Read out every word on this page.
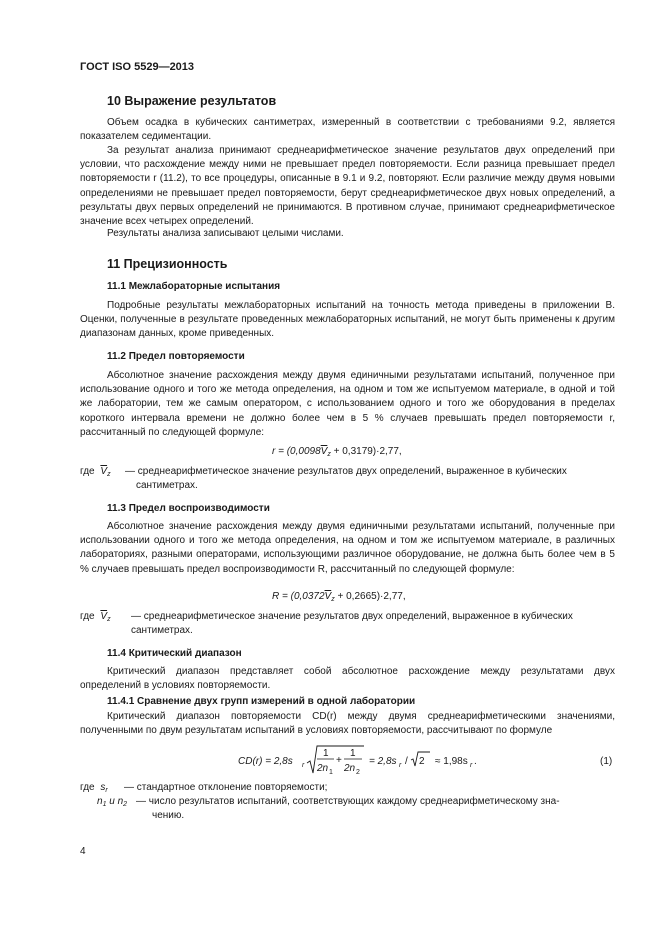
ГОСТ ISO 5529—2013
10 Выражение результатов

Объем осадка в кубических сантиметрах, измеренный в соответствии с требованиями 9.2, является показателем седиментации.

За результат анализа принимают среднеарифметическое значение результатов двух определений при условии, что расхождение между ними не превышает предел повторяемости. Если разница превышает предел повторяемости r (11.2), то все процедуры, описанные в 9.1 и 9.2, повторяют. Если различие между двумя новыми определениями не превышает предел повторяемости, берут среднеарифметическое двух новых определений, а результаты двух первых определений не принимаются. В противном случае, принимают среднеарифметическое значение всех четырех определений.

Результаты анализа записывают целыми числами.

11 Прецизионность
11.1 Межлабораторные испытания

Подробные результаты межлабораторных испытаний на точность метода приведены в приложении В. Оценки, полученные в результате проведенных межлабораторных испытаний, не могут быть применены к другим диапазонам данных, кроме приведенных.

11.2 Предел повторяемости

Абсолютное значение расхождения между двумя единичными результатами испытаний, полученное при использование одного и того же метода определения, на одном и том же испытуемом материале, в одной и той же лаборатории, тем же самым оператором, с использованием одного и того же оборудования в пределах короткого интервала времени не должно более чем в 5 % случаев превышать предел повторяемости r, рассчитанный по следующей формуле:

$r = (0,0098\overline{V}_z + 0,3179)\cdot 2,77$,
где $\overline{V}_z$ — среднеарифметическое значение результатов двух определений, выраженное в кубических
сантиметрах.
11.3 Предел воспроизводимости

Абсолютное значение расхождения между двумя единичными результатами испытаний, полученные при использовании одного и того же метода определения, на одном и том же испытуемом материале, в различных лабораториях, разными операторами, использующими различное оборудование, не должна быть более чем в 5 % случаев превышать предел воспроизводимости R, рассчитанный по следующей формуле:

$R = (0,0372\overline{V}_z + 0,2665)\cdot 2,77$,
где $\overline{V}_z$ — среднеарифметическое значение результатов двух определений, выраженное в кубических
сантиметрах.
11.4 Критический диапазон

Критический диапазон представляет собой абсолютное расхождение между результатами двух определений в условиях повторяемости.

11.4.1 Сравнение двух групп измерений в одной лаборатории

Критический диапазон повторяемости CD(r) между двумя среднеарифметическими значениями, полученными по двум результатам испытаний в условиях повторяемости, рассчитывают по формуле

CD(r) = 2,8s r
1
2n 1
+
1
2n 2
= 2,8s r / 2 ≈ 1,98s r .	(1)
где $s_r$ — стандартное отклонение повторяемости;
$n_1$ и $n_2$ — число результатов испытаний, соответствующих каждому среднеарифметическому зна-
чению.
4
